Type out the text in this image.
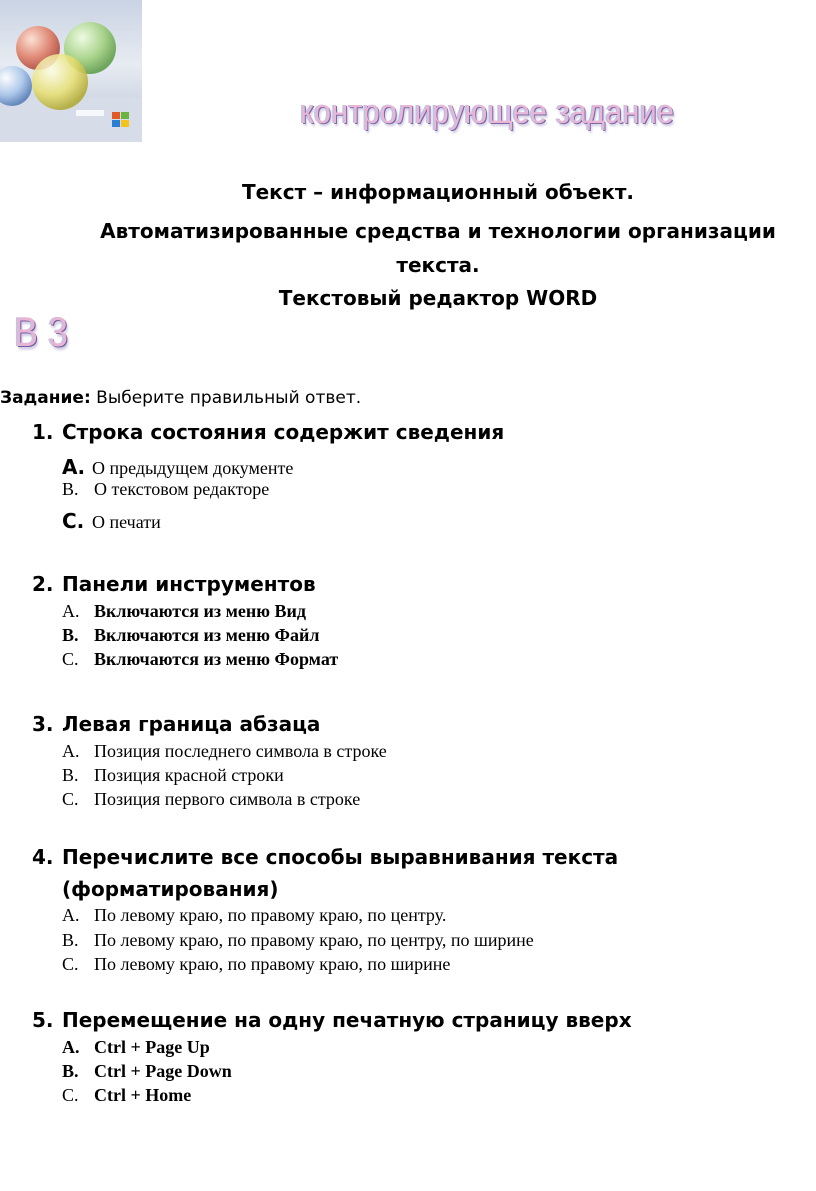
контролирующее задание
Текст – информационный объект.
Автоматизированные средства и технологии организации
текста.
Текстовый редактор WORD
В 3
Задание: Выберите правильный ответ.
1. Строка состояния содержит сведения
А. О предыдущем документе
B. О текстовом редакторе
C. О печати
2. Панели инструментов
A. Включаются из меню Вид
B. Включаются из меню Файл
C. Включаются из меню Формат
3. Левая граница абзаца
A. Позиция последнего символа в строке
B. Позиция красной строки
C. Позиция первого символа в строке
4. Перечислите все способы выравнивания текста
(форматирования)
A. По левому краю, по правому краю, по центру.
B. По левому краю, по правому краю, по центру, по ширине
C. По левому краю, по правому краю, по ширине
5. Перемещение на одну печатную страницу вверх
A. Ctrl + Page Up
B. Ctrl + Page Down
C. Ctrl + Home
